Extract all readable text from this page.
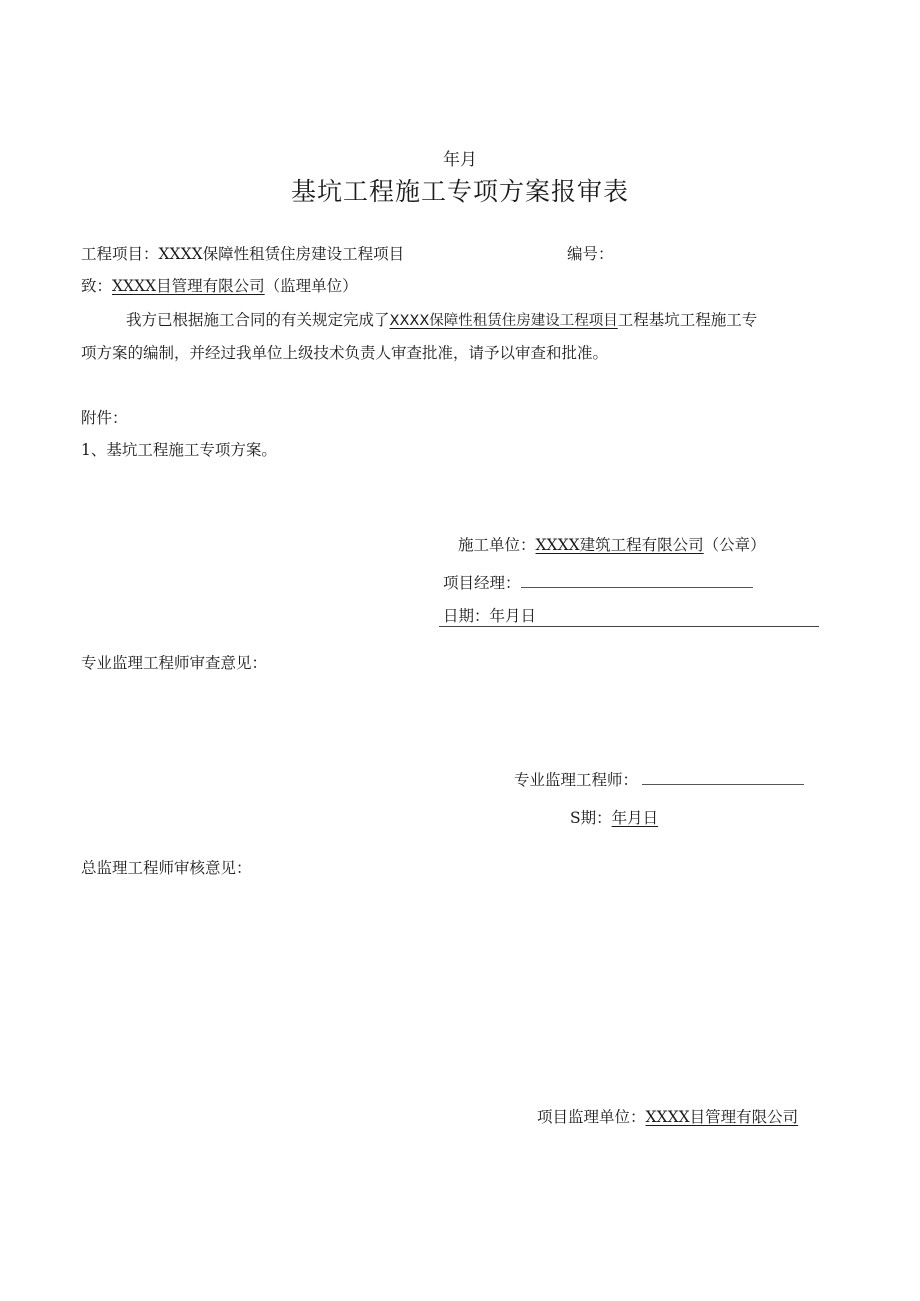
年月
基坑工程施工专项方案报审表
工程项目：XXXX保障性租赁住房建设工程项目	编号：
致：XXXX目管理有限公司（监理单位）
我方已根据施工合同的有关规定完成了XXXX保障性租赁住房建设工程项目工程基坑工程施工专
项方案的编制，并经过我单位上级技术负责人审查批准，请予以审查和批准。
附件：
1、基坑工程施工专项方案。
施工单位：XXXX建筑工程有限公司（公章）
项目经理：
日期：年月日
专业监理工程师审查意见：
专业监理工程师：
S期：年月日
总监理工程师审核意见：
项目监理单位：XXXX目管理有限公司
